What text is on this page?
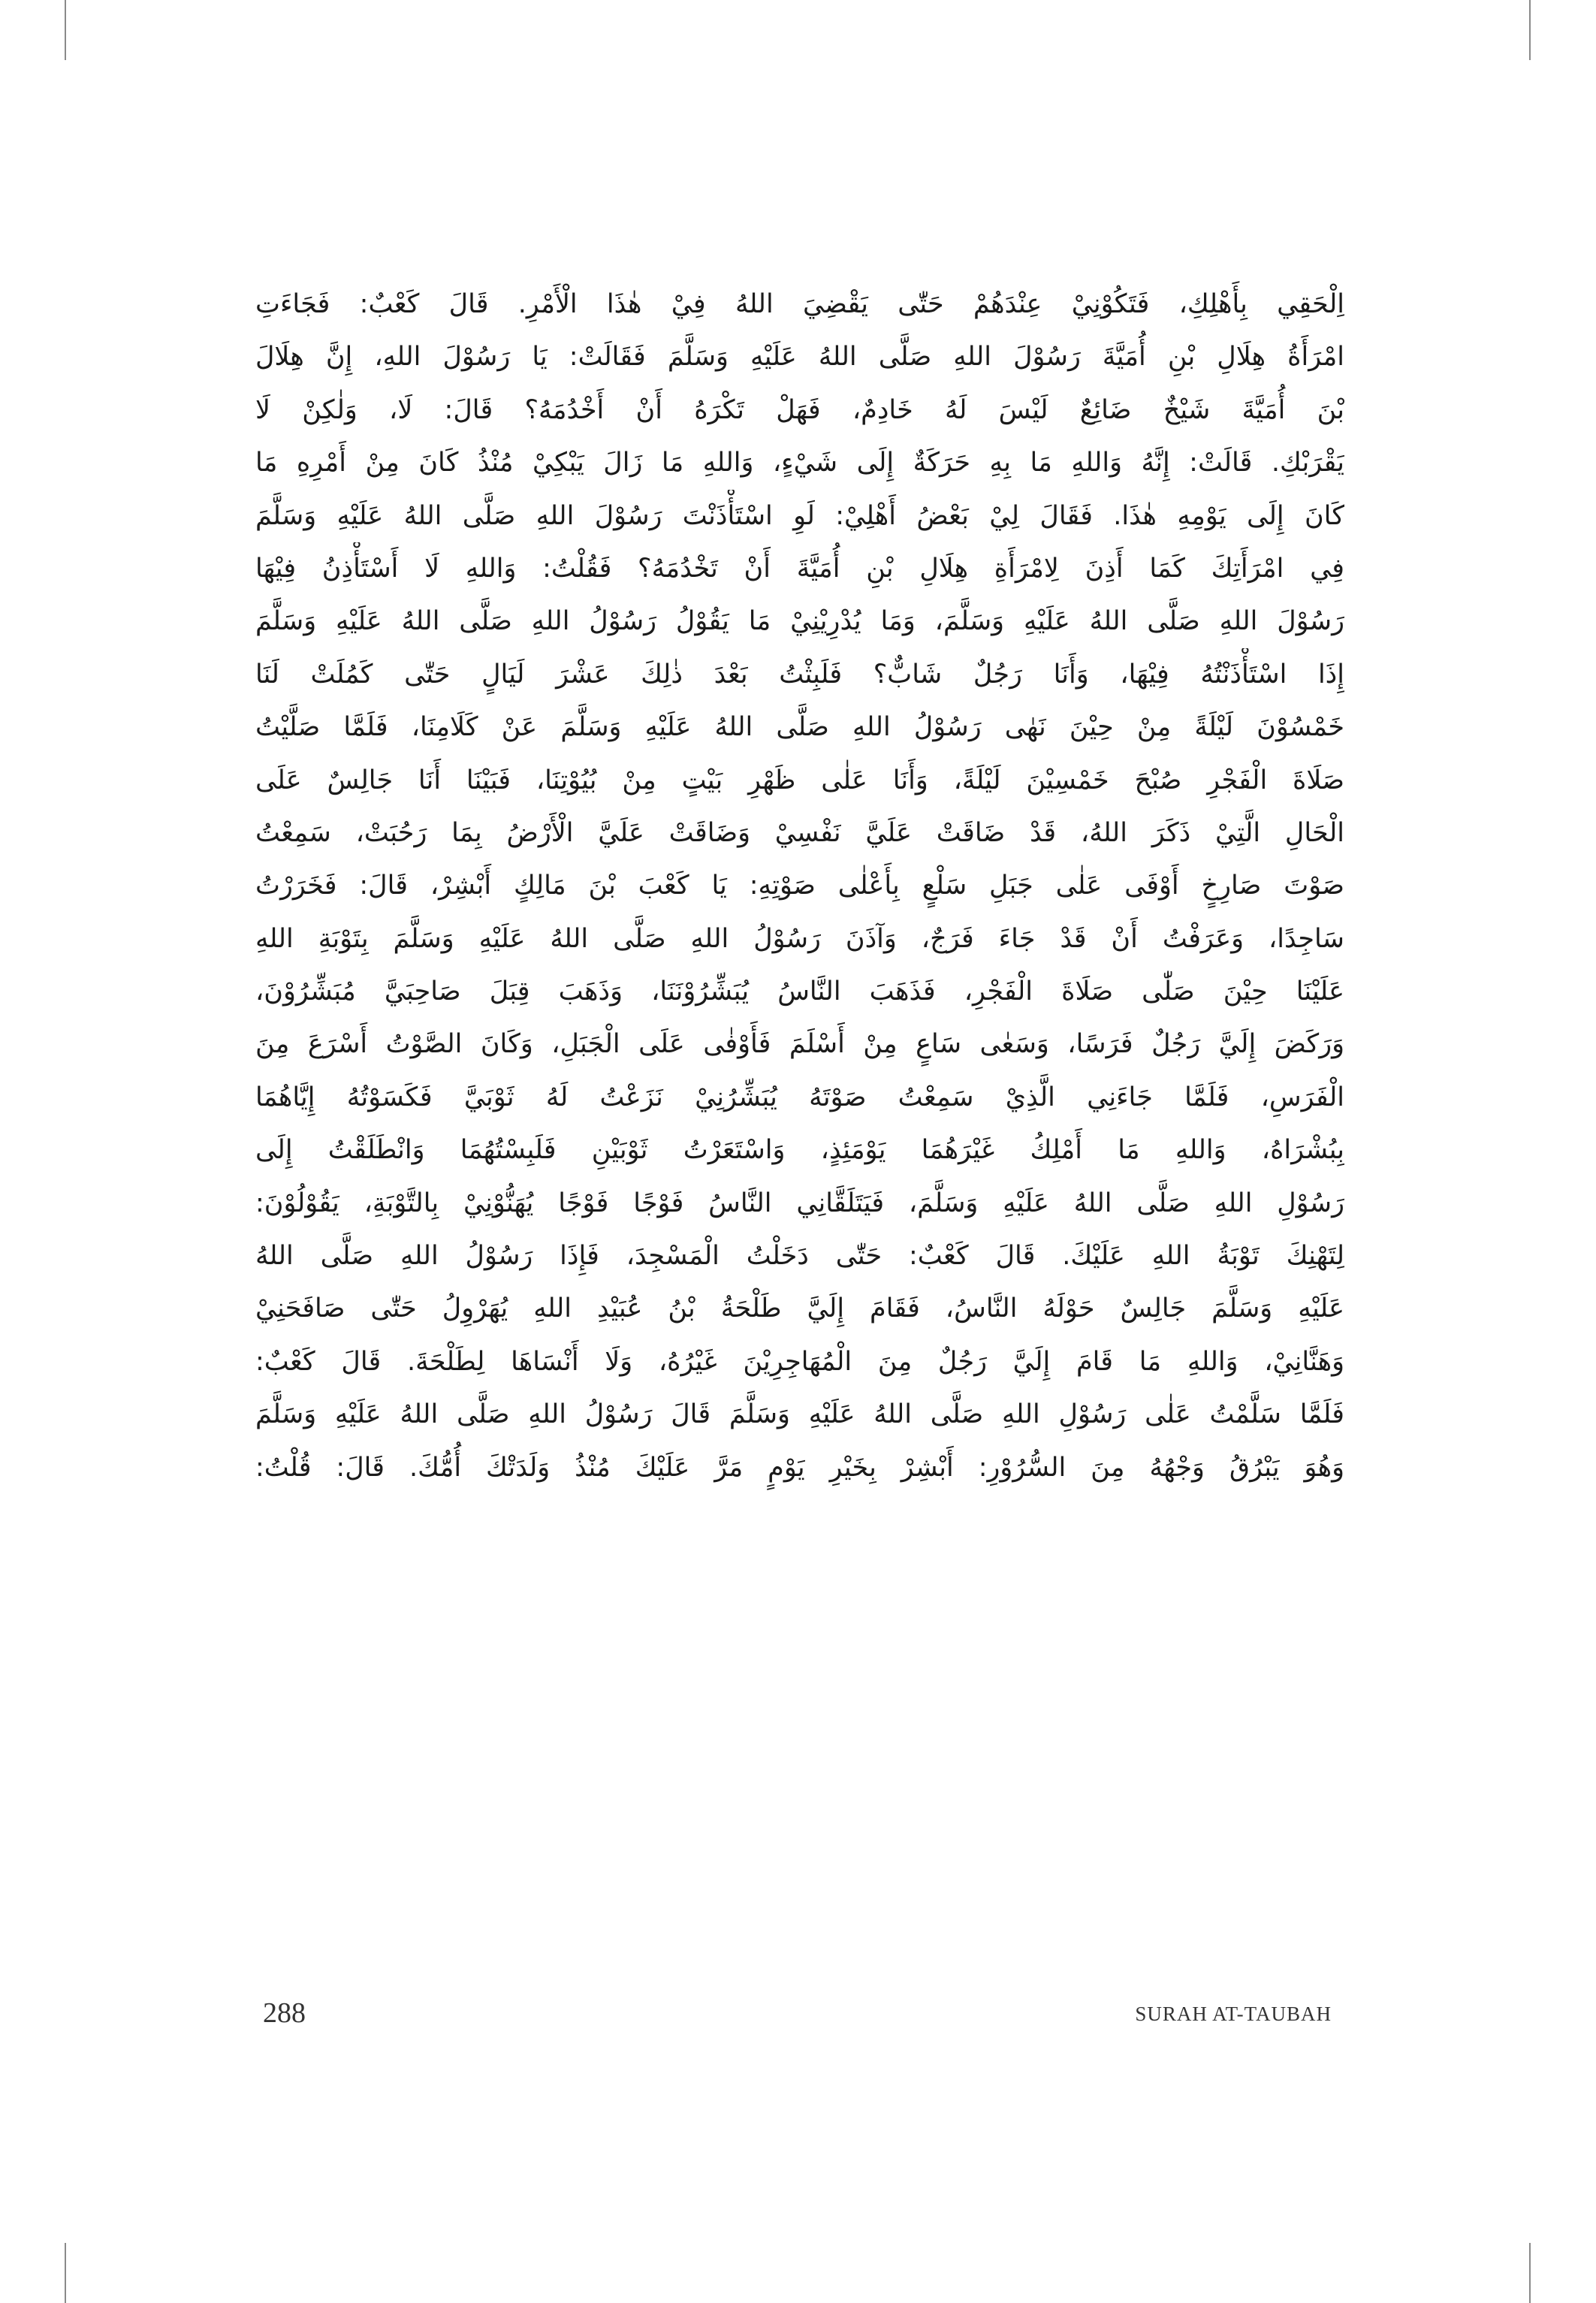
اِلْحَقِي بِأَهْلِكِ، فَتَكُوْنِيْ عِنْدَهُمْ حَتّٰى يَقْضِيَ اللهُ فِيْ هٰذَا الْأَمْرِ. قَالَ كَعْبٌ: فَجَاءَتِ
امْرَأَةُ هِلَالِ بْنِ أُمَيَّةَ رَسُوْلَ اللهِ صَلَّى اللهُ عَلَيْهِ وَسَلَّمَ فَقَالَتْ: يَا رَسُوْلَ اللهِ، إِنَّ هِلَالَ
بْنَ أُمَيَّةَ شَيْخٌ ضَائِعٌ لَيْسَ لَهُ خَادِمٌ، فَهَلْ تَكْرَهُ أَنْ أَخْدُمَهُ؟ قَالَ: لَا، وَلٰكِنْ لَا
يَقْرَبْكِ. قَالَتْ: إِنَّهُ وَاللهِ مَا بِهِ حَرَكَةٌ إِلَى شَيْءٍ، وَاللهِ مَا زَالَ يَبْكِيْ مُنْذُ كَانَ مِنْ أَمْرِهِ مَا
كَانَ إِلَى يَوْمِهِ هٰذَا. فَقَالَ لِيْ بَعْضُ أَهْلِيْ: لَوِ اسْتَأْذَنْتَ رَسُوْلَ اللهِ صَلَّى اللهُ عَلَيْهِ وَسَلَّمَ
فِي امْرَأَتِكَ كَمَا أَذِنَ لِامْرَأَةِ هِلَالِ بْنِ أُمَيَّةَ أَنْ تَخْدُمَهُ؟ فَقُلْتُ: وَاللهِ لَا أَسْتَأْذِنُ فِيْهَا
رَسُوْلَ اللهِ صَلَّى اللهُ عَلَيْهِ وَسَلَّمَ، وَمَا يُدْرِيْنِيْ مَا يَقُوْلُ رَسُوْلُ اللهِ صَلَّى اللهُ عَلَيْهِ وَسَلَّمَ
إِذَا اسْتَأْذَنْتُهُ فِيْهَا، وَأَنَا رَجُلٌ شَابٌّ؟ فَلَبِثْتُ بَعْدَ ذٰلِكَ عَشْرَ لَيَالٍ حَتّٰى كَمُلَتْ لَنَا
خَمْسُوْنَ لَيْلَةً مِنْ حِيْنَ نَهٰى رَسُوْلُ اللهِ صَلَّى اللهُ عَلَيْهِ وَسَلَّمَ عَنْ كَلَامِنَا، فَلَمَّا صَلَّيْتُ
صَلَاةَ الْفَجْرِ صُبْحَ خَمْسِيْنَ لَيْلَةً، وَأَنَا عَلٰى ظَهْرِ بَيْتٍ مِنْ بُيُوْتِنَا، فَبَيْنَا أَنَا جَالِسٌ عَلَى
الْحَالِ الَّتِيْ ذَكَرَ اللهُ، قَدْ ضَاقَتْ عَلَيَّ نَفْسِيْ وَضَاقَتْ عَلَيَّ الْأَرْضُ بِمَا رَحُبَتْ، سَمِعْتُ
صَوْتَ صَارِخٍ أَوْفَى عَلٰى جَبَلِ سَلْعٍ بِأَعْلٰى صَوْتِهِ: يَا كَعْبَ بْنَ مَالِكٍ أَبْشِرْ، قَالَ: فَخَرَرْتُ
سَاجِدًا، وَعَرَفْتُ أَنْ قَدْ جَاءَ فَرَجٌ، وَآذَنَ رَسُوْلُ اللهِ صَلَّى اللهُ عَلَيْهِ وَسَلَّمَ بِتَوْبَةِ اللهِ
عَلَيْنَا حِيْنَ صَلّٰى صَلَاةَ الْفَجْرِ، فَذَهَبَ النَّاسُ يُبَشِّرُوْنَنَا، وَذَهَبَ قِبَلَ صَاحِبَيَّ مُبَشِّرُوْنَ،
وَرَكَضَ إِلَيَّ رَجُلٌ فَرَسًا، وَسَعٰى سَاعٍ مِنْ أَسْلَمَ فَأَوْفٰى عَلَى الْجَبَلِ، وَكَانَ الصَّوْتُ أَسْرَعَ مِنَ
الْفَرَسِ، فَلَمَّا جَاءَنِي الَّذِيْ سَمِعْتُ صَوْتَهُ يُبَشِّرُنِيْ نَزَعْتُ لَهُ ثَوْبَيَّ فَكَسَوْتُهُ إِيَّاهُمَا
بِبُشْرَاهُ، وَاللهِ مَا أَمْلِكُ غَيْرَهُمَا يَوْمَئِذٍ، وَاسْتَعَرْتُ ثَوْبَيْنِ فَلَبِسْتُهُمَا وَانْطَلَقْتُ إِلَى
رَسُوْلِ اللهِ صَلَّى اللهُ عَلَيْهِ وَسَلَّمَ، فَيَتَلَقَّانِي النَّاسُ فَوْجًا فَوْجًا يُهَنُّوْنِيْ بِالتَّوْبَةِ، يَقُوْلُوْنَ:
لِتَهْنِكَ تَوْبَةُ اللهِ عَلَيْكَ. قَالَ كَعْبٌ: حَتّٰى دَخَلْتُ الْمَسْجِدَ، فَإِذَا رَسُوْلُ اللهِ صَلَّى اللهُ
عَلَيْهِ وَسَلَّمَ جَالِسٌ حَوْلَهُ النَّاسُ، فَقَامَ إِلَيَّ طَلْحَةُ بْنُ عُبَيْدِ اللهِ يُهَرْوِلُ حَتّٰى صَافَحَنِيْ
وَهَنَّانِيْ، وَاللهِ مَا قَامَ إِلَيَّ رَجُلٌ مِنَ الْمُهَاجِرِيْنَ غَيْرُهُ، وَلَا أَنْسَاهَا لِطَلْحَةَ. قَالَ كَعْبٌ:
فَلَمَّا سَلَّمْتُ عَلٰى رَسُوْلِ اللهِ صَلَّى اللهُ عَلَيْهِ وَسَلَّمَ قَالَ رَسُوْلُ اللهِ صَلَّى اللهُ عَلَيْهِ وَسَلَّمَ
وَهُوَ يَبْرُقُ وَجْهُهُ مِنَ السُّرُوْرِ: أَبْشِرْ بِخَيْرِ يَوْمٍ مَرَّ عَلَيْكَ مُنْذُ وَلَدَتْكَ أُمُّكَ. قَالَ: قُلْتُ:
288	SURAH AT-TAUBAH
